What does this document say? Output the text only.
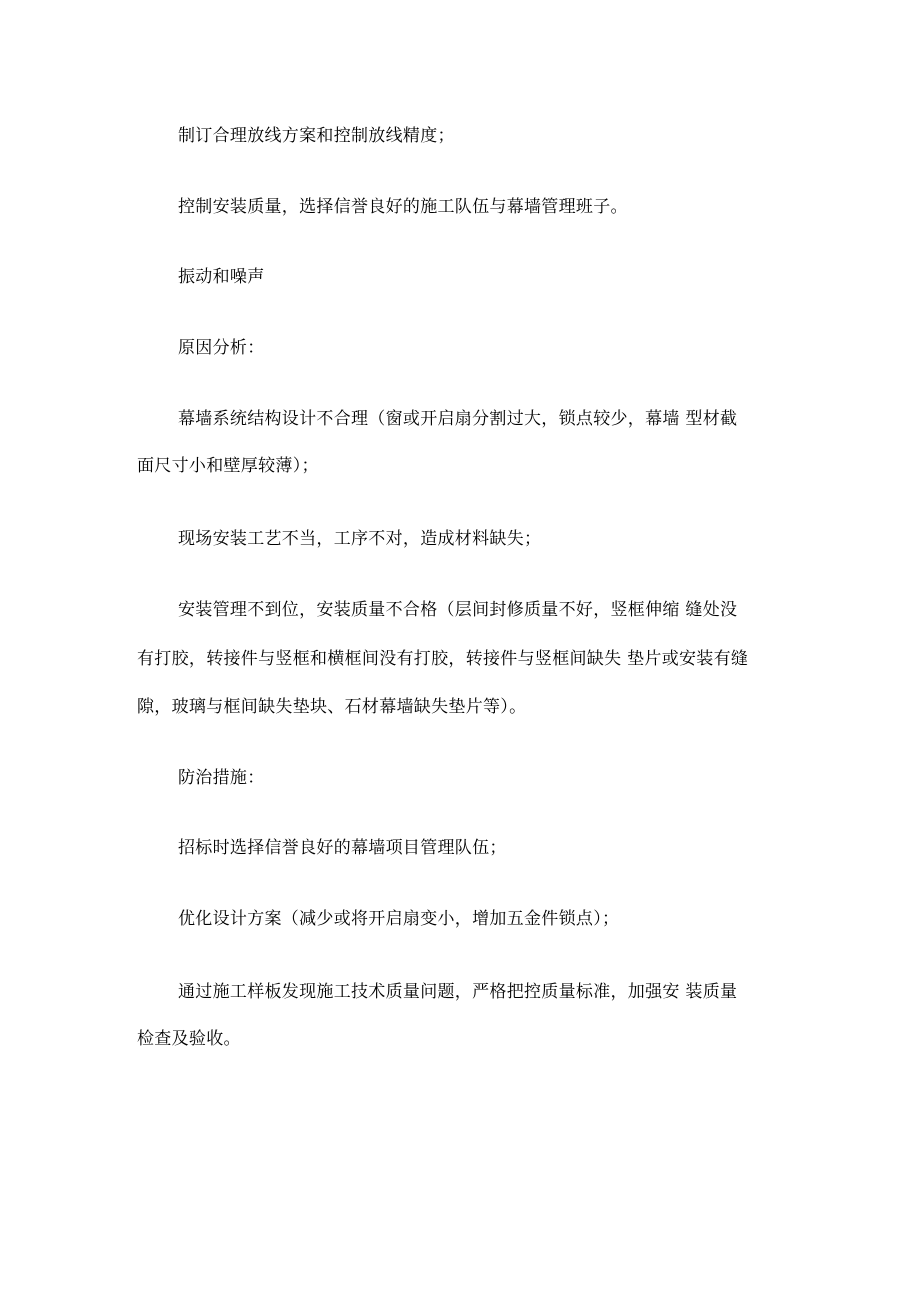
制订合理放线方案和控制放线精度；
控制安装质量，选择信誉良好的施工队伍与幕墙管理班子。
振动和噪声
原因分析：
幕墙系统结构设计不合理（窗或开启扇分割过大，锁点较少，幕墙 型材截
面尺寸小和壁厚较薄）；
现场安装工艺不当，工序不对，造成材料缺失；
安装管理不到位，安装质量不合格（层间封修质量不好，竖框伸缩 缝处没
有打胶，转接件与竖框和横框间没有打胶，转接件与竖框间缺失 垫片或安装有缝
隙，玻璃与框间缺失垫块、石材幕墙缺失垫片等）。
防治措施：
招标时选择信誉良好的幕墙项目管理队伍；
优化设计方案（减少或将开启扇变小，增加五金件锁点）；
通过施工样板发现施工技术质量问题，严格把控质量标准，加强安 装质量
检查及验收。
